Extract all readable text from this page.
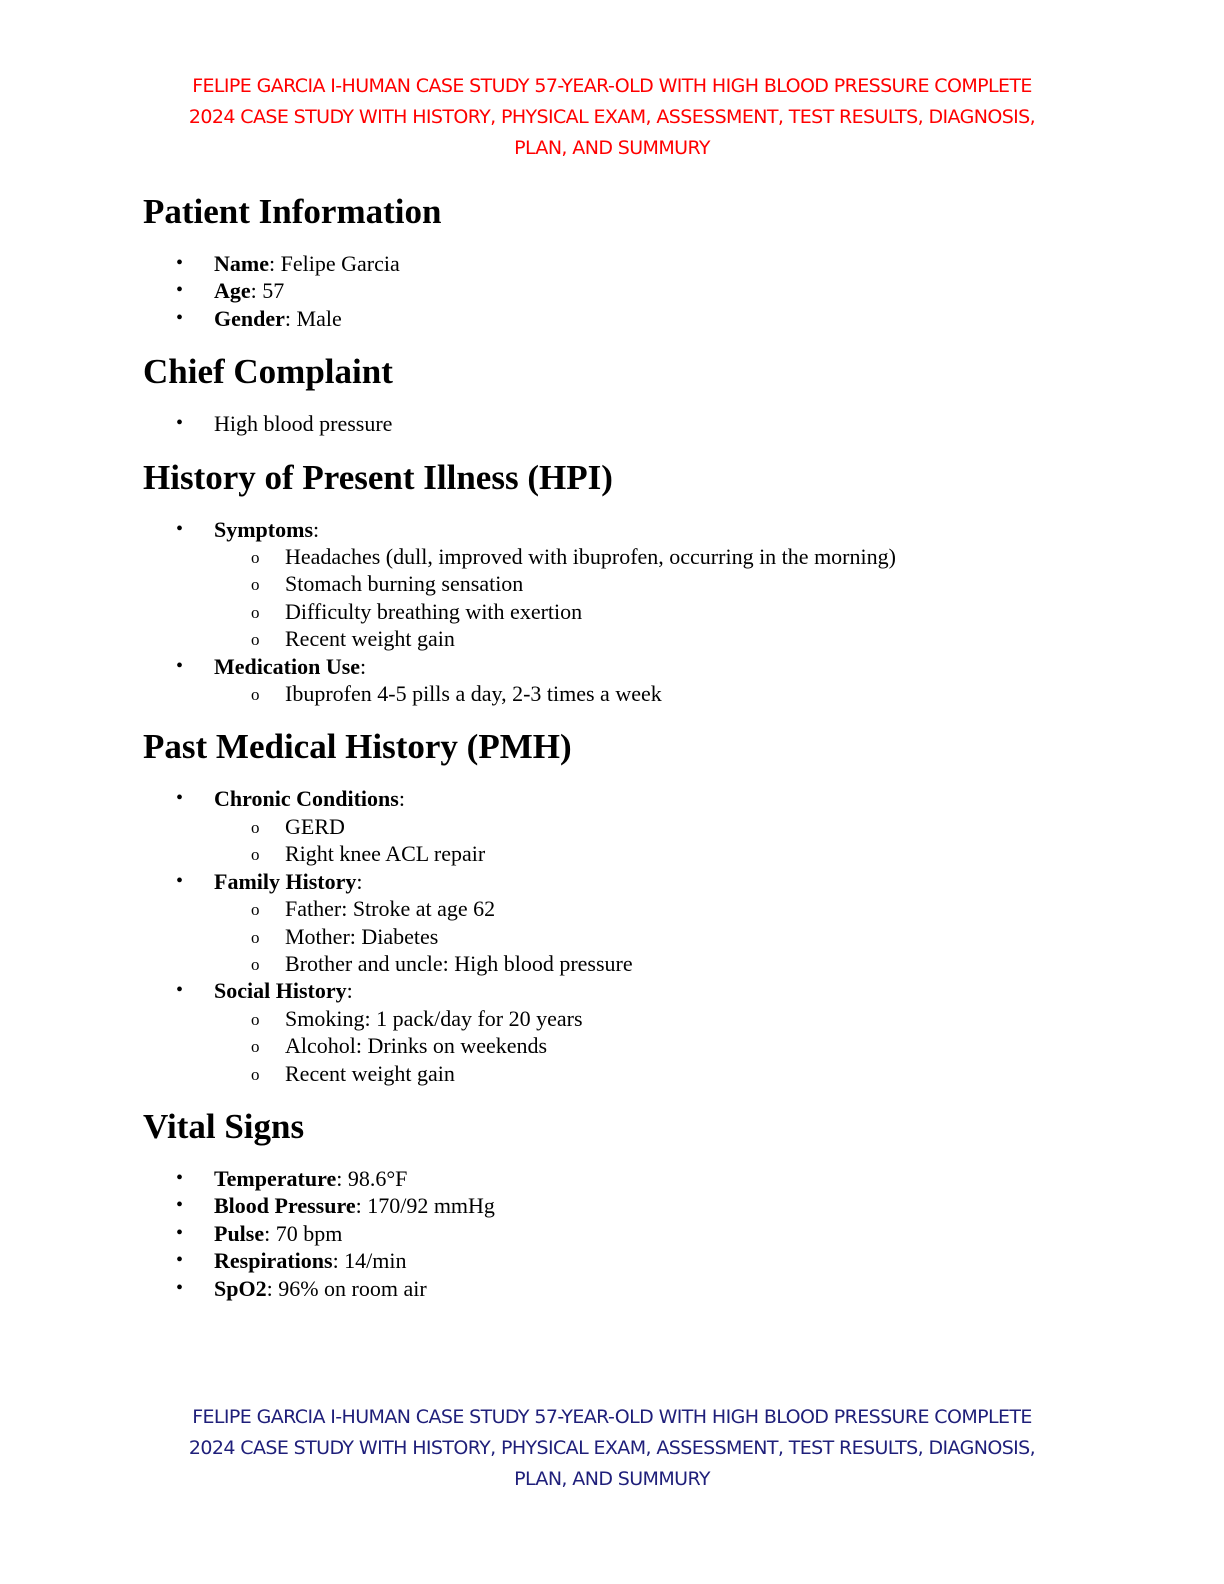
FELIPE GARCIA I-HUMAN CASE STUDY 57-YEAR-OLD WITH HIGH BLOOD PRESSURE COMPLETE
2024 CASE STUDY WITH HISTORY, PHYSICAL EXAM, ASSESSMENT, TEST RESULTS, DIAGNOSIS,
PLAN, AND SUMMURY
Patient Information
• Name: Felipe Garcia
• Age: 57
• Gender: Male
Chief Complaint
• High blood pressure
History of Present Illness (HPI)
• Symptoms:
o Headaches (dull, improved with ibuprofen, occurring in the morning)
o Stomach burning sensation
o Difficulty breathing with exertion
o Recent weight gain
• Medication Use:
o Ibuprofen 4-5 pills a day, 2-3 times a week
Past Medical History (PMH)
• Chronic Conditions:
o GERD
o Right knee ACL repair
• Family History:
o Father: Stroke at age 62
o Mother: Diabetes
o Brother and uncle: High blood pressure
• Social History:
o Smoking: 1 pack/day for 20 years
o Alcohol: Drinks on weekends
o Recent weight gain
Vital Signs
• Temperature: 98.6°F
• Blood Pressure: 170/92 mmHg
• Pulse: 70 bpm
• Respirations: 14/min
• SpO2: 96% on room air
FELIPE GARCIA I-HUMAN CASE STUDY 57-YEAR-OLD WITH HIGH BLOOD PRESSURE COMPLETE
2024 CASE STUDY WITH HISTORY, PHYSICAL EXAM, ASSESSMENT, TEST RESULTS, DIAGNOSIS,
PLAN, AND SUMMURY
